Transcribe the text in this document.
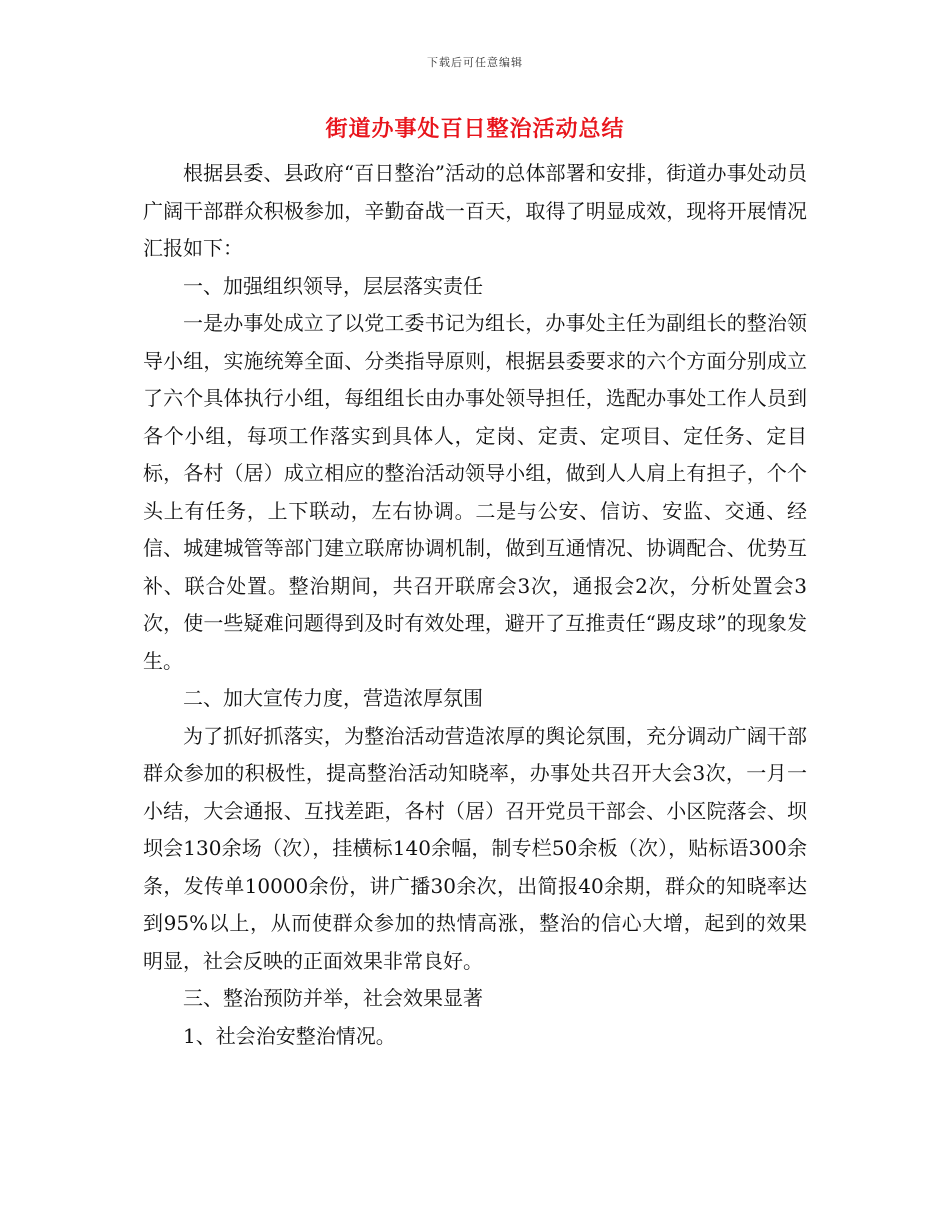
下载后可任意编辑
街道办事处百日整治活动总结

根据县委、县政府“百日整治”活动的总体部署和安排，街道办事处动员广阔干部群众积极参加，辛勤奋战一百天，取得了明显成效，现将开展情况汇报如下：

一、加强组织领导，层层落实责任

一是办事处成立了以党工委书记为组长，办事处主任为副组长的整治领导小组，实施统筹全面、分类指导原则，根据县委要求的六个方面分别成立了六个具体执行小组，每组组长由办事处领导担任，选配办事处工作人员到各个小组，每项工作落实到具体人，定岗、定责、定项目、定任务、定目标，各村（居）成立相应的整治活动领导小组，做到人人肩上有担子，个个头上有任务，上下联动，左右协调。二是与公安、信访、安监、交通、经信、城建城管等部门建立联席协调机制，做到互通情况、协调配合、优势互补、联合处置。整治期间，共召开联席会3次，通报会2次，分析处置会3次，使一些疑难问题得到及时有效处理，避开了互推责任“踢皮球”的现象发生。

二、加大宣传力度，营造浓厚氛围

为了抓好抓落实，为整治活动营造浓厚的舆论氛围，充分调动广阔干部群众参加的积极性，提高整治活动知晓率，办事处共召开大会3次，一月一小结，大会通报、互找差距，各村（居）召开党员干部会、小区院落会、坝坝会130余场（次），挂横标140余幅，制专栏50余板（次），贴标语300余条，发传单10000余份，讲广播30余次，出简报40余期，群众的知晓率达到95%以上，从而使群众参加的热情高涨，整治的信心大增，起到的效果明显，社会反映的正面效果非常良好。

三、整治预防并举，社会效果显著

1、社会治安整治情况。
